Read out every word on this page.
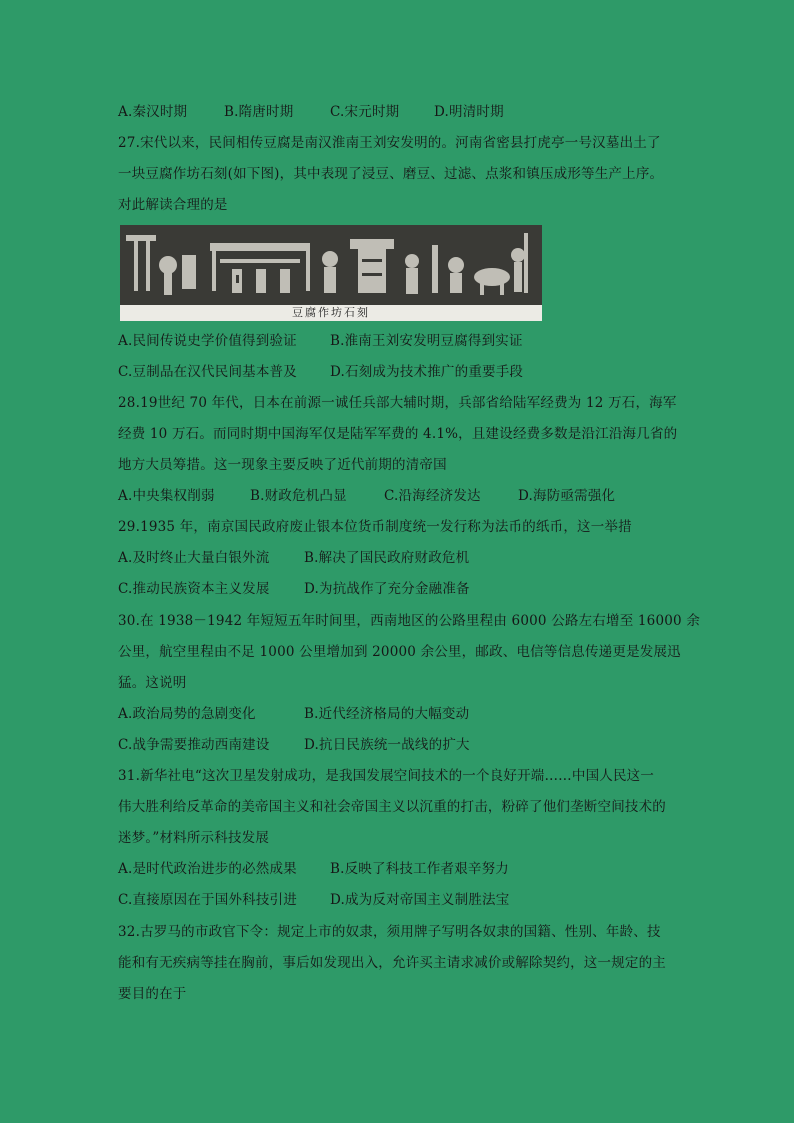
A.秦汉时期	B.隋唐时期	C.宋元时期	D.明清时期
27.宋代以来，民间相传豆腐是南汉淮南王刘安发明的。河南省密县打虎亭一号汉墓出土了
一块豆腐作坊石刻(如下图)，其中表现了浸豆、磨豆、过滤、点浆和镇压成形等生产上序。
对此解读合理的是
豆腐作坊石刻
A.民间传说史学价值得到验证 B.淮南王刘安发明豆腐得到实证
C.豆制品在汉代民间基本普及 D.石刻成为技术推广的重要手段
28.19世纪 70 年代，日本在前源一诚任兵部大辅时期，兵部省给陆军经费为 12 万石，海军
经费 10 万石。而同时期中国海军仅是陆军军费的 4.1%，且建设经费多数是沿江沿海几省的
地方大员筹措。这一现象主要反映了近代前期的清帝国
A.中央集权削弱	B.财政危机凸显	C.沿海经济发达	D.海防亟需强化
29.1935 年，南京国民政府废止银本位货币制度统一发行称为法币的纸币，这一举措
A.及时终止大量白银外流	B.解决了国民政府财政危机
C.推动民族资本主义发展	D.为抗战作了充分金融准备
30.在 1938－1942 年短短五年时间里，西南地区的公路里程由 6000 公路左右增至 16000 余
公里，航空里程由不足 1000 公里增加到 20000 余公里，邮政、电信等信息传递更是发展迅
猛。这说明
A.政治局势的急剧变化	B.近代经济格局的大幅变动
C.战争需要推动西南建设	D.抗日民族统一战线的扩大
31.新华社电“这次卫星发射成功，是我国发展空间技术的一个良好开端……中国人民这一
伟大胜利给反革命的美帝国主义和社会帝国主义以沉重的打击，粉碎了他们垄断空间技术的
迷梦。”材料所示科技发展
A.是时代政治进步的必然成果 B.反映了科技工作者艰辛努力
C.直接原因在于国外科技引进 D.成为反对帝国主义制胜法宝
32.古罗马的市政官下令：规定上市的奴隶，须用牌子写明各奴隶的国籍、性别、年龄、技
能和有无疾病等挂在胸前，事后如发现出入，允许买主请求减价或解除契约，这一规定的主
要目的在于
